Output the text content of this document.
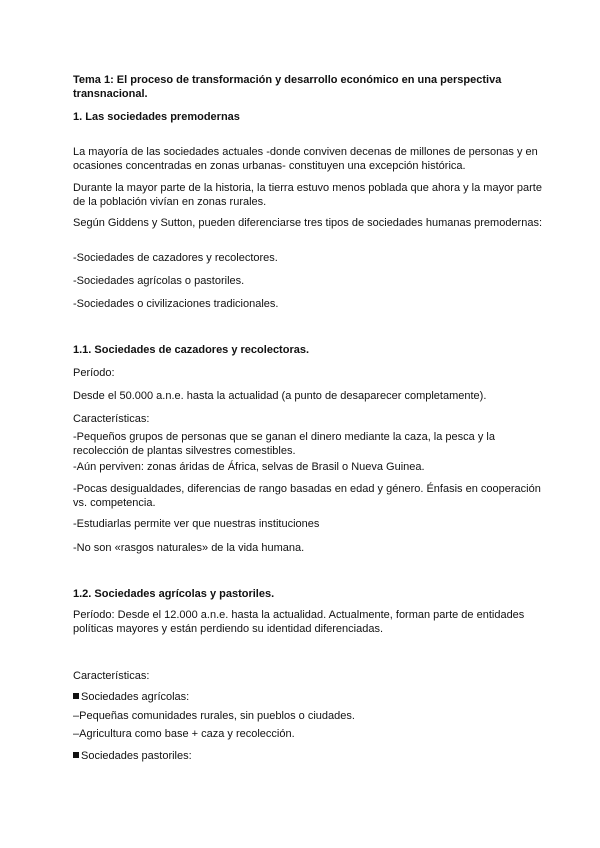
Tema 1: El proceso de transformación y desarrollo económico en una perspectiva transnacional.
1. Las sociedades premodernas
La mayoría de las sociedades actuales -donde conviven decenas de millones de personas y en ocasiones concentradas en zonas urbanas- constituyen una excepción histórica.
Durante la mayor parte de la historia, la tierra estuvo menos poblada que ahora y la mayor parte de la población vivían en zonas rurales.
Según Giddens y Sutton, pueden diferenciarse tres tipos de sociedades humanas premodernas:
-Sociedades de cazadores y recolectores.
-Sociedades agrícolas o pastoriles.
-Sociedades o civilizaciones tradicionales.
1.1. Sociedades de cazadores y recolectoras.
Período:
Desde el 50.000 a.n.e. hasta la actualidad (a punto de desaparecer completamente).
Características:
-Pequeños grupos de personas que se ganan el dinero mediante la caza, la pesca y la recolección de plantas silvestres comestibles.
-Aún perviven: zonas áridas de África, selvas de Brasil o Nueva Guinea.
-Pocas desigualdades, diferencias de rango basadas en edad y género. Énfasis en cooperación vs. competencia.
-Estudiarlas permite ver que nuestras instituciones
-No son «rasgos naturales» de la vida humana.
1.2. Sociedades agrícolas y pastoriles.
Período: Desde el 12.000 a.n.e. hasta la actualidad. Actualmente, forman parte de entidades políticas mayores y están perdiendo su identidad diferenciadas.
Características:
Sociedades agrícolas:
–Pequeñas comunidades rurales, sin pueblos o ciudades.
–Agricultura como base + caza y recolección.
Sociedades pastoriles:
